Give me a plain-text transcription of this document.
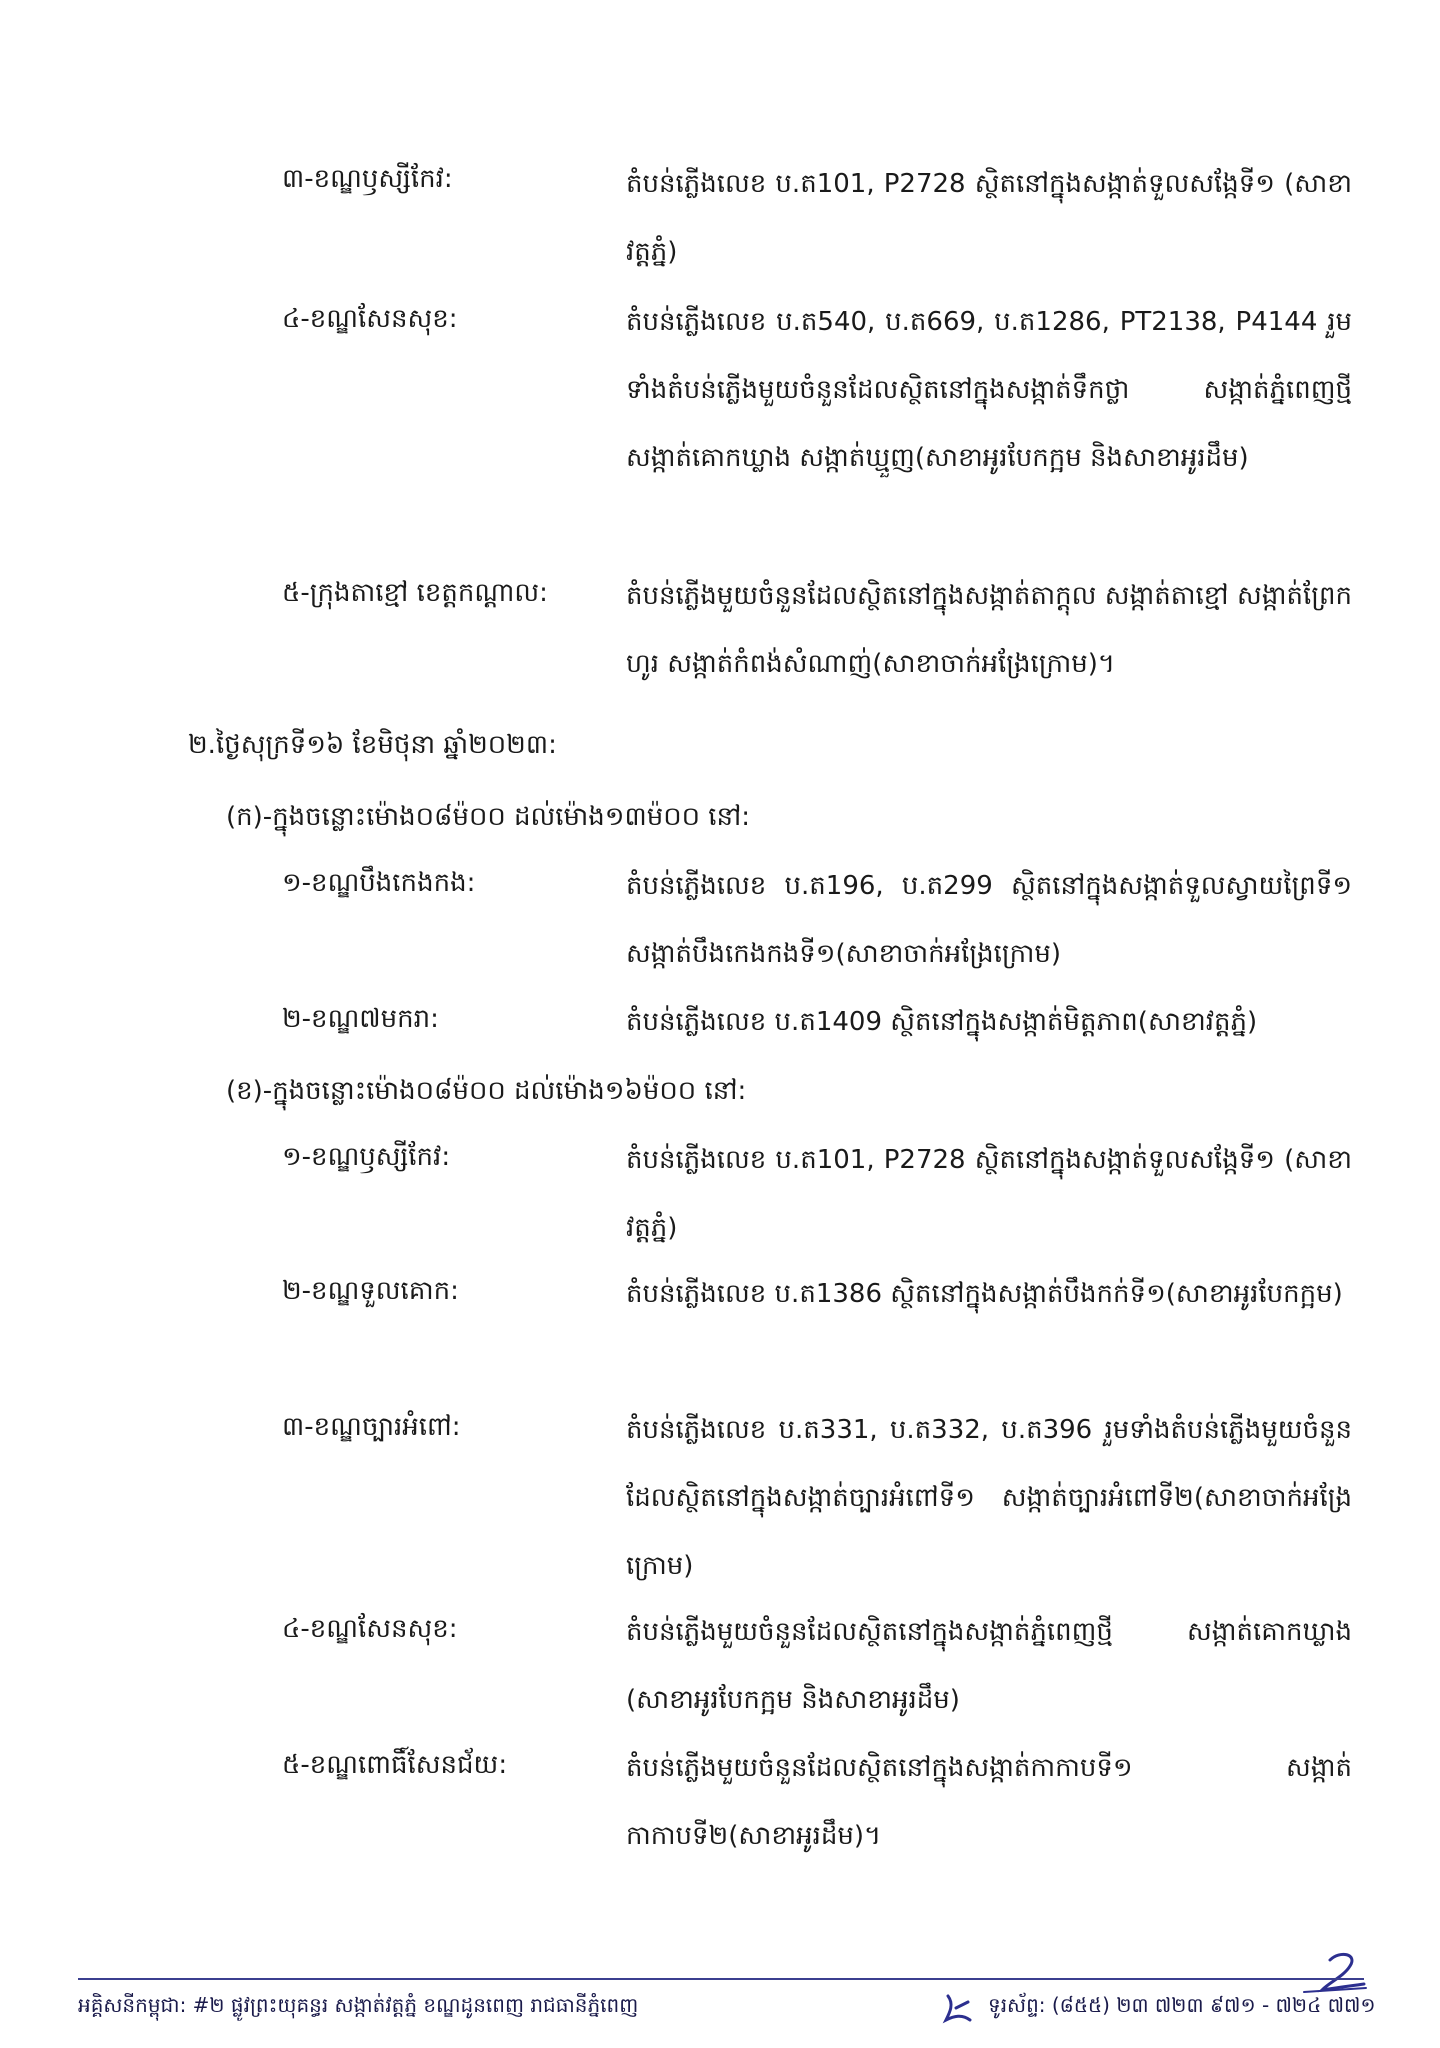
៣-ខណ្ឌឫស្សីកែវ:	តំបន់ភ្លើងលេខ ប.ត101, P2728 ស្ថិតនៅក្នុងសង្កាត់ទួលសង្កែទី១ (សាខាវត្តភ្នំ)
៤-ខណ្ឌសែនសុខ:	តំបន់ភ្លើងលេខ ប.ត540, ប.ត669, ប.ត1286, PT2138, P4144 រួមទាំងតំបន់ភ្លើងមួយចំនួនដែលស្ថិតនៅក្នុងសង្កាត់ទឹកថ្លា សង្កាត់ភ្នំពេញថ្មី សង្កាត់គោកឃ្លាង សង្កាត់ឃ្មួញ(សាខាអូរបែកក្អម និងសាខាអូរដឹម)
៥-ក្រុងតាខ្មៅ ខេត្តកណ្តាល:	តំបន់ភ្លើងមួយចំនួនដែលស្ថិតនៅក្នុងសង្កាត់តាក្តុល សង្កាត់តាខ្មៅ សង្កាត់ព្រែកហូរ សង្កាត់កំពង់សំណាញ់(សាខាចាក់អង្រែក្រោម)។
២.ថ្ងៃសុក្រទី១៦ ខែមិថុនា ឆ្នាំ២០២៣:
(ក)-ក្នុងចន្លោះម៉ោង០៨ម៉០០ ដល់ម៉ោង១៣ម៉០០ នៅ:
១-ខណ្ឌបឹងកេងកង:	តំបន់ភ្លើងលេខ ប.ត196, ប.ត299 ស្ថិតនៅក្នុងសង្កាត់ទួលស្វាយព្រៃទី១ សង្កាត់បឹងកេងកងទី១(សាខាចាក់អង្រែក្រោម)
២-ខណ្ឌ៧មករា:	តំបន់ភ្លើងលេខ ប.ត1409 ស្ថិតនៅក្នុងសង្កាត់មិត្តភាព(សាខាវត្តភ្នំ)
(ខ)-ក្នុងចន្លោះម៉ោង០៨ម៉០០ ដល់ម៉ោង១៦ម៉០០ នៅ:
១-ខណ្ឌឫស្សីកែវ:	តំបន់ភ្លើងលេខ ប.ត101, P2728 ស្ថិតនៅក្នុងសង្កាត់ទួលសង្កែទី១ (សាខាវត្តភ្នំ)
២-ខណ្ឌទួលគោក:	តំបន់ភ្លើងលេខ ប.ត1386 ស្ថិតនៅក្នុងសង្កាត់បឹងកក់ទី១(សាខាអូរបែកក្អម)
៣-ខណ្ឌច្បារអំពៅ:	តំបន់ភ្លើងលេខ ប.ត331, ប.ត332, ប.ត396 រួមទាំងតំបន់ភ្លើងមួយចំនួនដែលស្ថិតនៅក្នុងសង្កាត់ច្បារអំពៅទី១ សង្កាត់ច្បារអំពៅទី២(សាខាចាក់អង្រែក្រោម)
៤-ខណ្ឌសែនសុខ:	តំបន់ភ្លើងមួយចំនួនដែលស្ថិតនៅក្នុងសង្កាត់ភ្នំពេញថ្មី សង្កាត់គោកឃ្លាង (សាខាអូរបែកក្អម និងសាខាអូរដឹម)
៥-ខណ្ឌពោធិ៍សែនជ័យ:	តំបន់ភ្លើងមួយចំនួនដែលស្ថិតនៅក្នុងសង្កាត់កាកាបទី១ សង្កាត់កាកាបទី២(សាខាអូរដឹម)។
អគ្គិសនីកម្ពុជា: #២ ផ្លូវព្រះយុគន្ធរ សង្កាត់វត្តភ្នំ ខណ្ឌដូនពេញ រាជធានីភ្នំពេញ	ទូរស័ព្ទ: (៨៥៥) ២៣ ៧២៣ ៩៧១ - ៧២៤ ៧៧១
